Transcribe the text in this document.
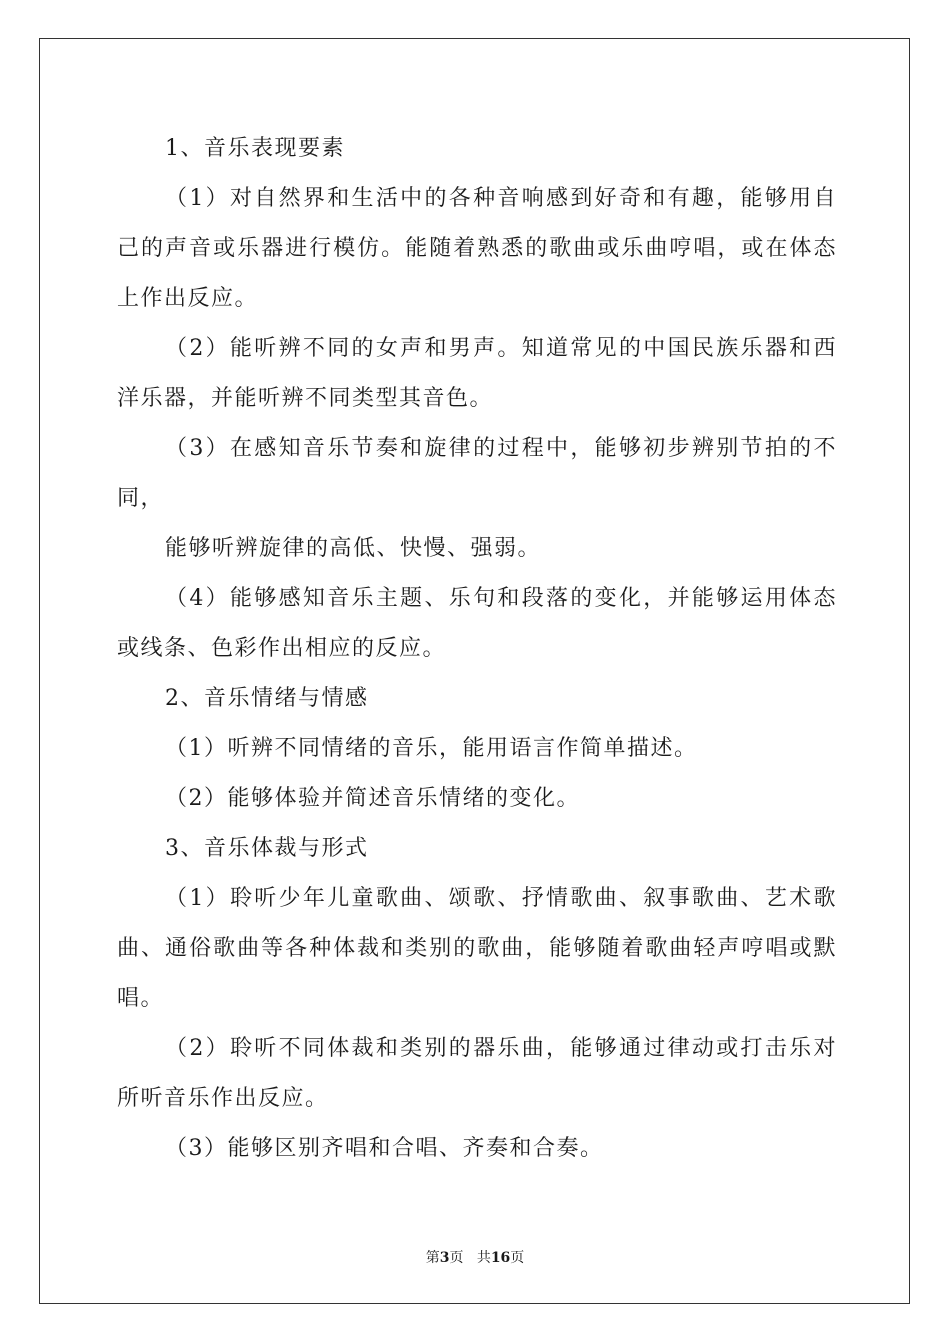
1、音乐表现要素

（1）对自然界和生活中的各种音响感到好奇和有趣，能够用自己的声音或乐器进行模仿。能随着熟悉的歌曲或乐曲哼唱，或在体态上作出反应。

（2）能听辨不同的女声和男声。知道常见的中国民族乐器和西洋乐器，并能听辨不同类型其音色。

（3）在感知音乐节奏和旋律的过程中，能够初步辨别节拍的不同，

能够听辨旋律的高低、快慢、强弱。

（4）能够感知音乐主题、乐句和段落的变化，并能够运用体态或线条、色彩作出相应的反应。

2、音乐情绪与情感

（1）听辨不同情绪的音乐，能用语言作简单描述。

（2）能够体验并简述音乐情绪的变化。

3、音乐体裁与形式

（1）聆听少年儿童歌曲、颂歌、抒情歌曲、叙事歌曲、艺术歌曲、通俗歌曲等各种体裁和类别的歌曲，能够随着歌曲轻声哼唱或默唱。

（2）聆听不同体裁和类别的器乐曲，能够通过律动或打击乐对所听音乐作出反应。

（3）能够区别齐唱和合唱、齐奏和合奏。

第3页 共16页
